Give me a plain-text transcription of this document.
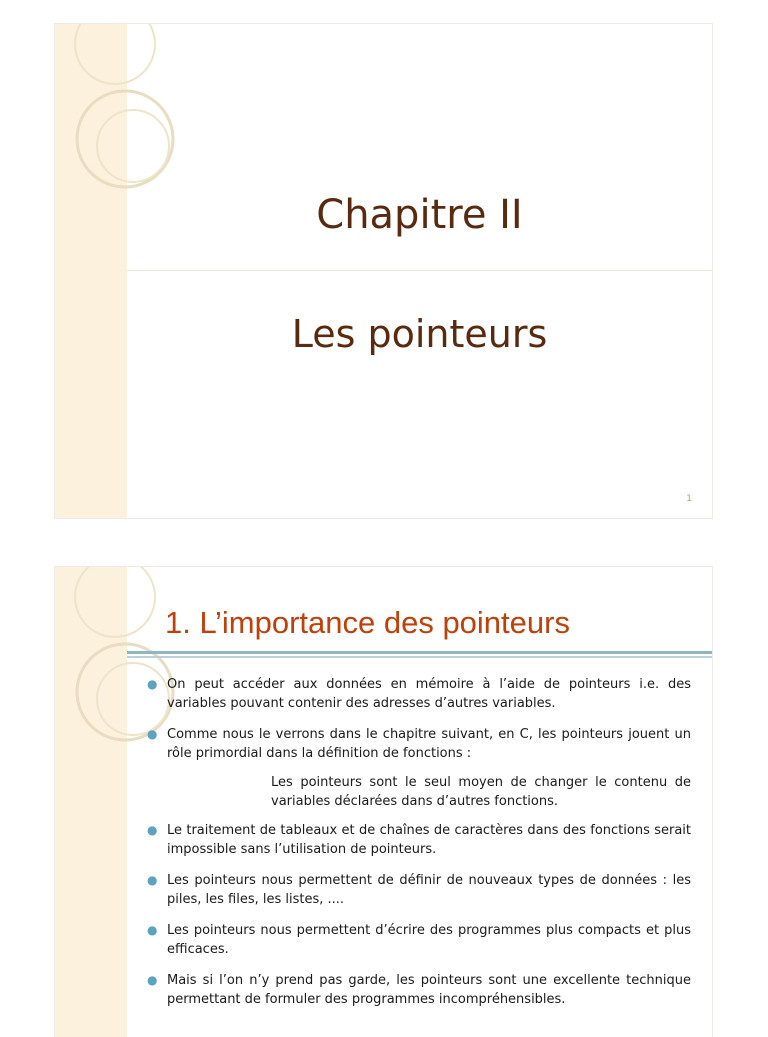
Chapitre II
Les pointeurs
1
1. L’importance des pointeurs
● On peut accéder aux données en mémoire à l’aide de pointeurs i.e. des variables pouvant contenir des adresses d’autres variables.
● Comme nous le verrons dans le chapitre suivant, en C, les pointeurs jouent un rôle primordial dans la définition de fonctions :
Les pointeurs sont le seul moyen de changer le contenu de variables déclarées dans d’autres fonctions.
● Le traitement de tableaux et de chaînes de caractères dans des fonctions serait impossible sans l’utilisation de pointeurs.
● Les pointeurs nous permettent de définir de nouveaux types de données : les piles, les files, les listes, ....
● Les pointeurs nous permettent d’écrire des programmes plus compacts et plus efficaces.
● Mais si l’on n’y prend pas garde, les pointeurs sont une excellente technique permettant de formuler des programmes incompréhensibles.
